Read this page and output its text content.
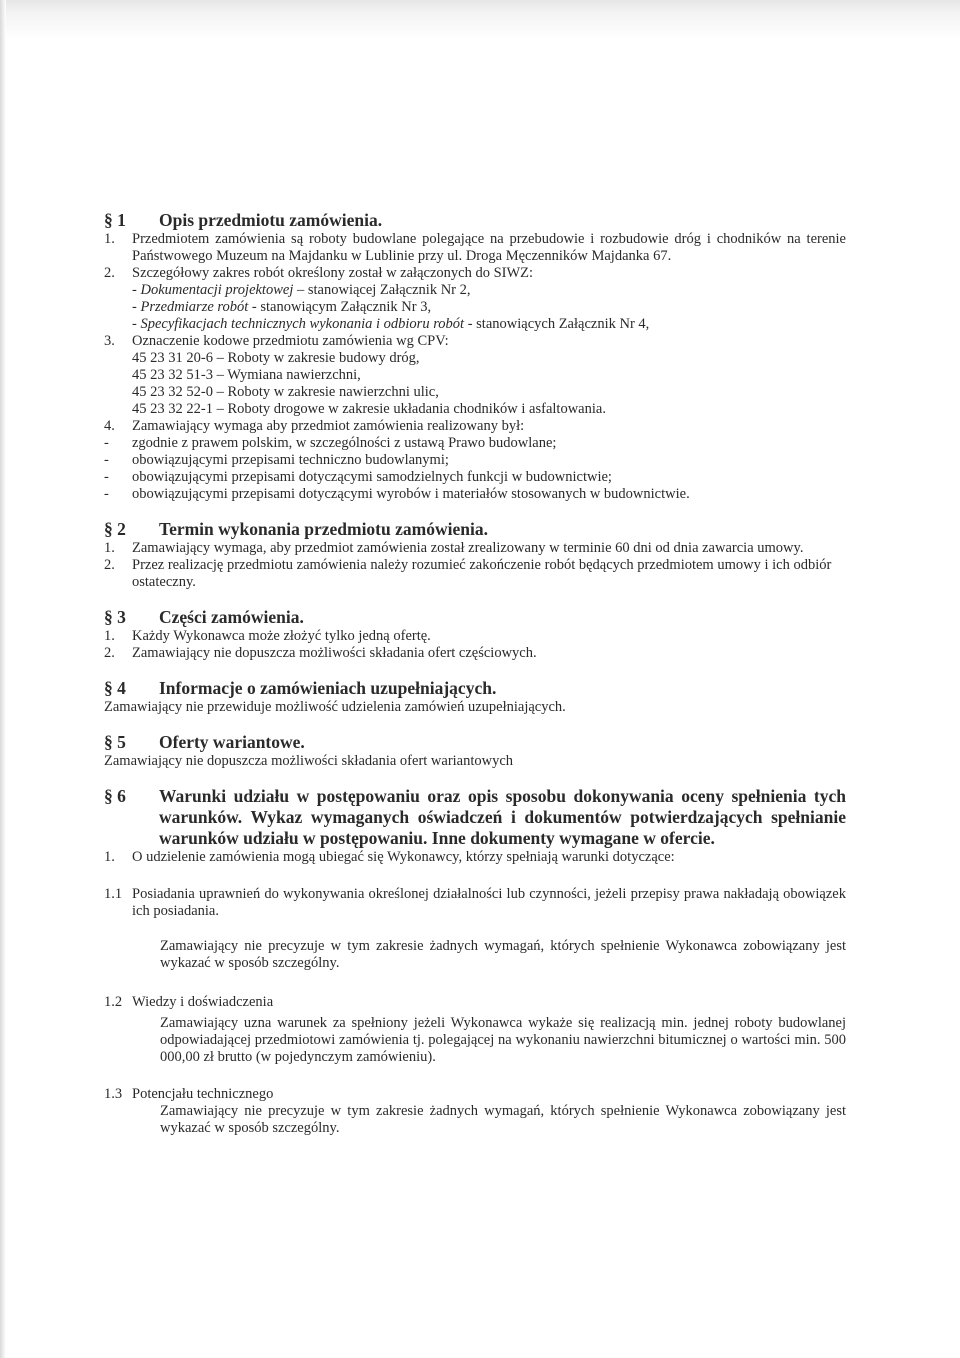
§ 1	Opis przedmiotu zamówienia.
1.	Przedmiotem zamówienia są roboty budowlane polegające na przebudowie i rozbudowie dróg i chodników na terenie Państwowego Muzeum na Majdanku w Lublinie przy ul. Droga Męczenników Majdanka 67.
2.	Szczegółowy zakres robót określony został w załączonych do SIWZ:
- Dokumentacji projektowej – stanowiącej Załącznik Nr 2,
- Przedmiarze robót - stanowiącym Załącznik Nr 3,
- Specyfikacjach technicznych wykonania i odbioru robót - stanowiących Załącznik Nr 4,
3.	Oznaczenie kodowe przedmiotu zamówienia wg CPV:
45 23 31 20-6 – Roboty w zakresie budowy dróg,
45 23 32 51-3 – Wymiana nawierzchni,
45 23 32 52-0 – Roboty w zakresie nawierzchni ulic,
45 23 32 22-1 – Roboty drogowe w zakresie układania chodników i asfaltowania.
4.	Zamawiający wymaga aby przedmiot zamówienia realizowany był:
-	zgodnie z prawem polskim, w szczególności z ustawą Prawo budowlane;
-	obowiązującymi przepisami techniczno budowlanymi;
-	obowiązującymi przepisami dotyczącymi samodzielnych funkcji w budownictwie;
-	obowiązującymi przepisami dotyczącymi wyrobów i materiałów stosowanych w budownictwie.
§ 2	Termin wykonania przedmiotu zamówienia.
1.	Zamawiający wymaga, aby przedmiot zamówienia został zrealizowany w terminie 60 dni od dnia zawarcia umowy.
2.	Przez realizację przedmiotu zamówienia należy rozumieć zakończenie robót będących przedmiotem umowy i ich odbiór ostateczny.
§ 3	Części zamówienia.
1.	Każdy Wykonawca może złożyć tylko jedną ofertę.
2.	Zamawiający nie dopuszcza możliwości składania ofert częściowych.
§ 4	Informacje o zamówieniach uzupełniających.

Zamawiający nie przewiduje możliwość udzielenia zamówień uzupełniających.

§ 5	Oferty wariantowe.

Zamawiający nie dopuszcza możliwości składania ofert wariantowych

§ 6	Warunki udziału w postępowaniu oraz opis sposobu dokonywania oceny spełnienia tych warunków. Wykaz wymaganych oświadczeń i dokumentów potwierdzających spełnianie warunków udziału w postępowaniu. Inne dokumenty wymagane w ofercie.
1.	O udzielenie zamówienia mogą ubiegać się Wykonawcy, którzy spełniają warunki dotyczące:
1.1 Posiadania uprawnień do wykonywania określonej działalności lub czynności, jeżeli przepisy prawa nakładają obowiązek ich posiadania.
Zamawiający nie precyzuje w tym zakresie żadnych wymagań, których spełnienie Wykonawca zobowiązany jest wykazać w sposób szczególny.
1.2 Wiedzy i doświadczenia
Zamawiający uzna warunek za spełniony jeżeli Wykonawca wykaże się realizacją min. jednej roboty budowlanej odpowiadającej przedmiotowi zamówienia tj. polegającej na wykonaniu nawierzchni bitumicznej o wartości min. 500 000,00 zł brutto (w pojedynczym zamówieniu).
1.3 Potencjału technicznego
Zamawiający nie precyzuje w tym zakresie żadnych wymagań, których spełnienie Wykonawca zobowiązany jest wykazać w sposób szczególny.
